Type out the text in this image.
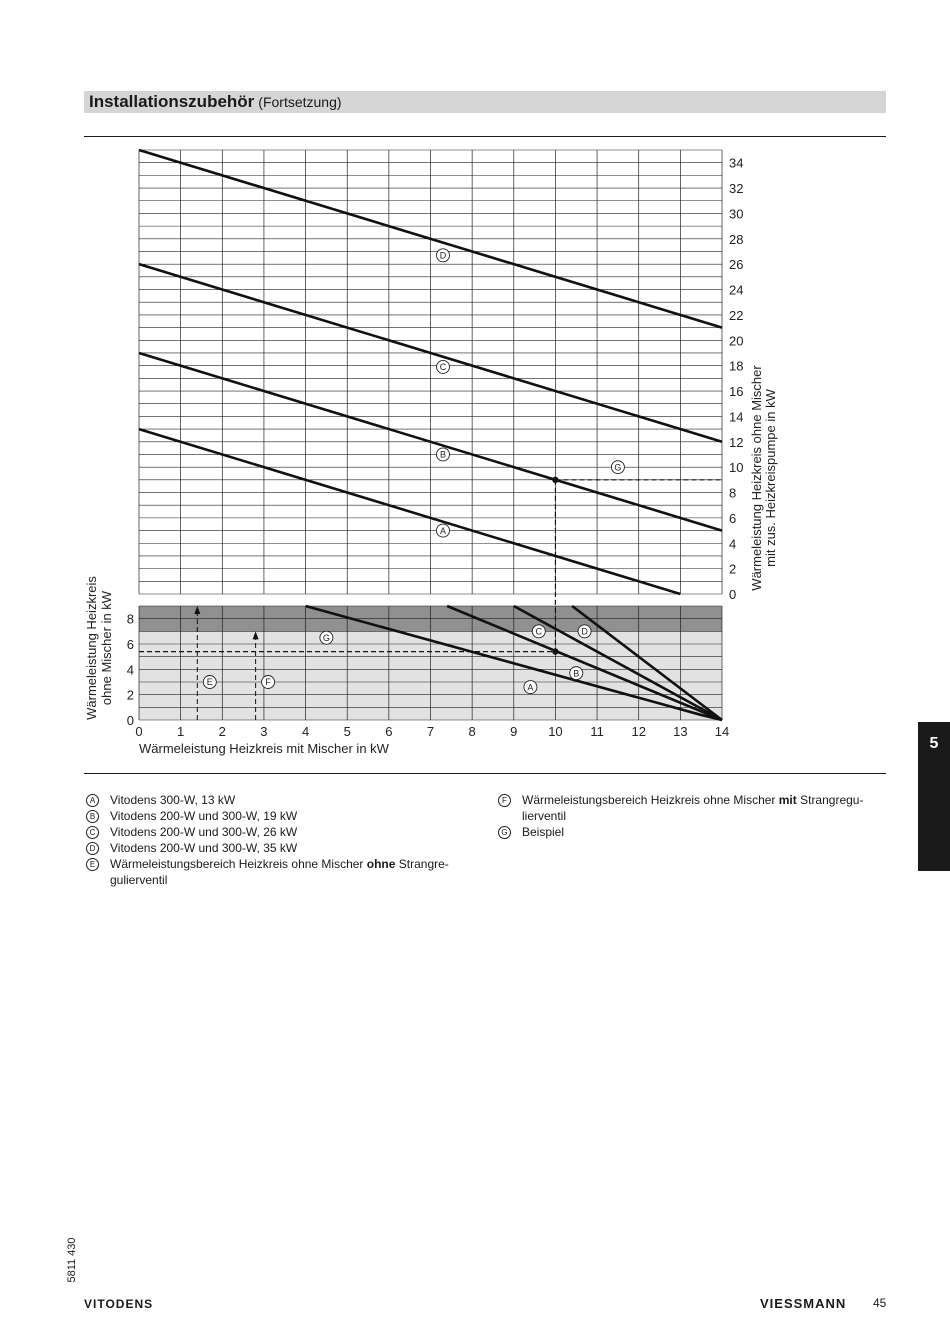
Installationszubehör (Fortsetzung)
A
B
C
D
A
B
C	D
G
G
E	F
0
2
4
6
8
10
12
14
16
18
20
22
24
26
28
30
32
34
0
2
4
6
8
0	1	2	3	4	5	6	7	8	9 10 11 12 13 14
Wärmeleistung Heizkreis mit Mischer in kW
Wärmeleistung Heizkreis ohne Mischer mit zus. Heizkreispumpe in kW
Wärmeleistung Heizkreis ohne Mischer in kW
A	Vitodens 300-W, 13 kW
B	Vitodens 200-W und 300-W, 19 kW
C	Vitodens 200-W und 300-W, 26 kW
D	Vitodens 200-W und 300-W, 35 kW
E	Wärmeleistungsbereich Heizkreis ohne Mischer ohne Strangre-gulierventil
F	Wärmeleistungsbereich Heizkreis ohne Mischer mit Strangregu-lierventil
G Beispiel
5
5811 430
VITODENS	VIESSMANN 45
